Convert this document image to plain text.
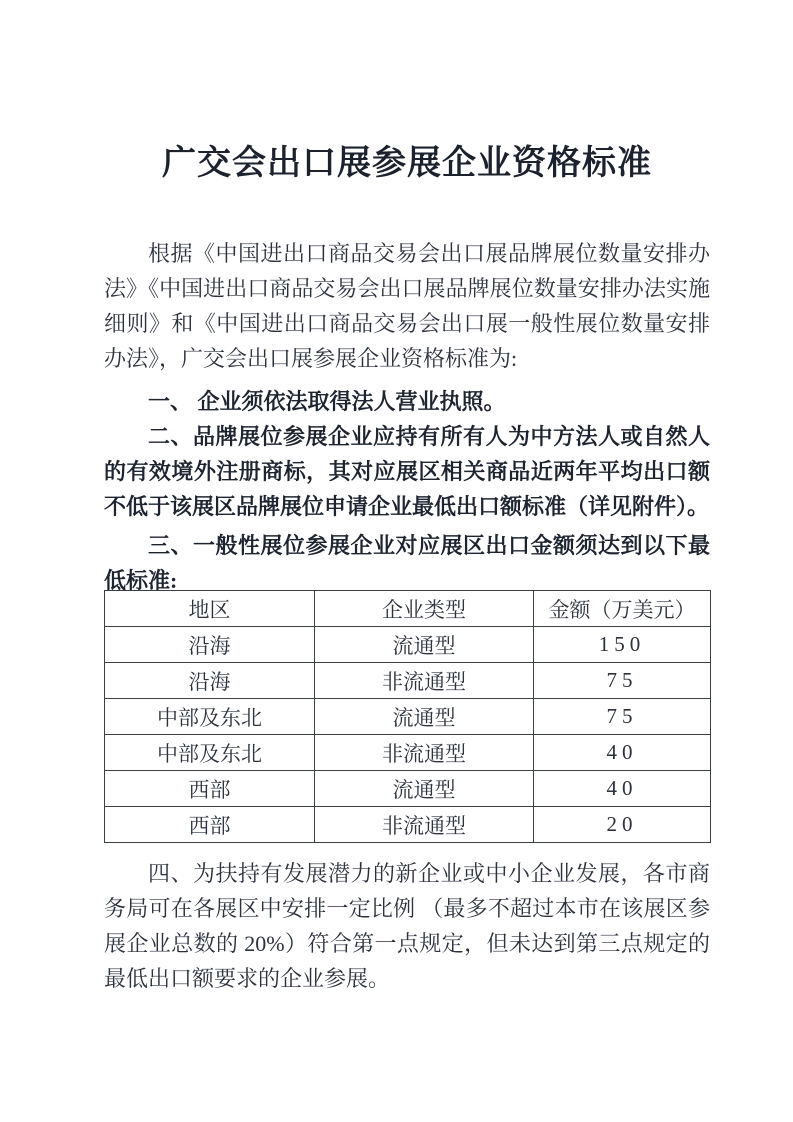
广交会出口展参展企业资格标准

根据《中国进出口商品交易会出口展品牌展位数量安排办法》《中国进出口商品交易会出口展品牌展位数量安排办法实施细则》和《中国进出口商品交易会出口展一般性展位数量安排办法》，广交会出口展参展企业资格标准为:

一、 企业须依法取得法人营业执照。

二、品牌展位参展企业应持有所有人为中方法人或自然人的有效境外注册商标，其对应展区相关商品近两年平均出口额不低于该展区品牌展位申请企业最低出口额标准（详见附件）。

三、一般性展位参展企业对应展区出口金额须达到以下最低标准:

地区	企业类型	金额（万美元）
沿海	流通型	150
沿海	非流通型	75
中部及东北	流通型	75
中部及东北	非流通型	40
西部	流通型	40
西部	非流通型	20

四、为扶持有发展潜力的新企业或中小企业发展，各市商务局可在各展区中安排一定比例 （最多不超过本市在该展区参展企业总数的 20%）符合第一点规定，但未达到第三点规定的最低出口额要求的企业参展。
